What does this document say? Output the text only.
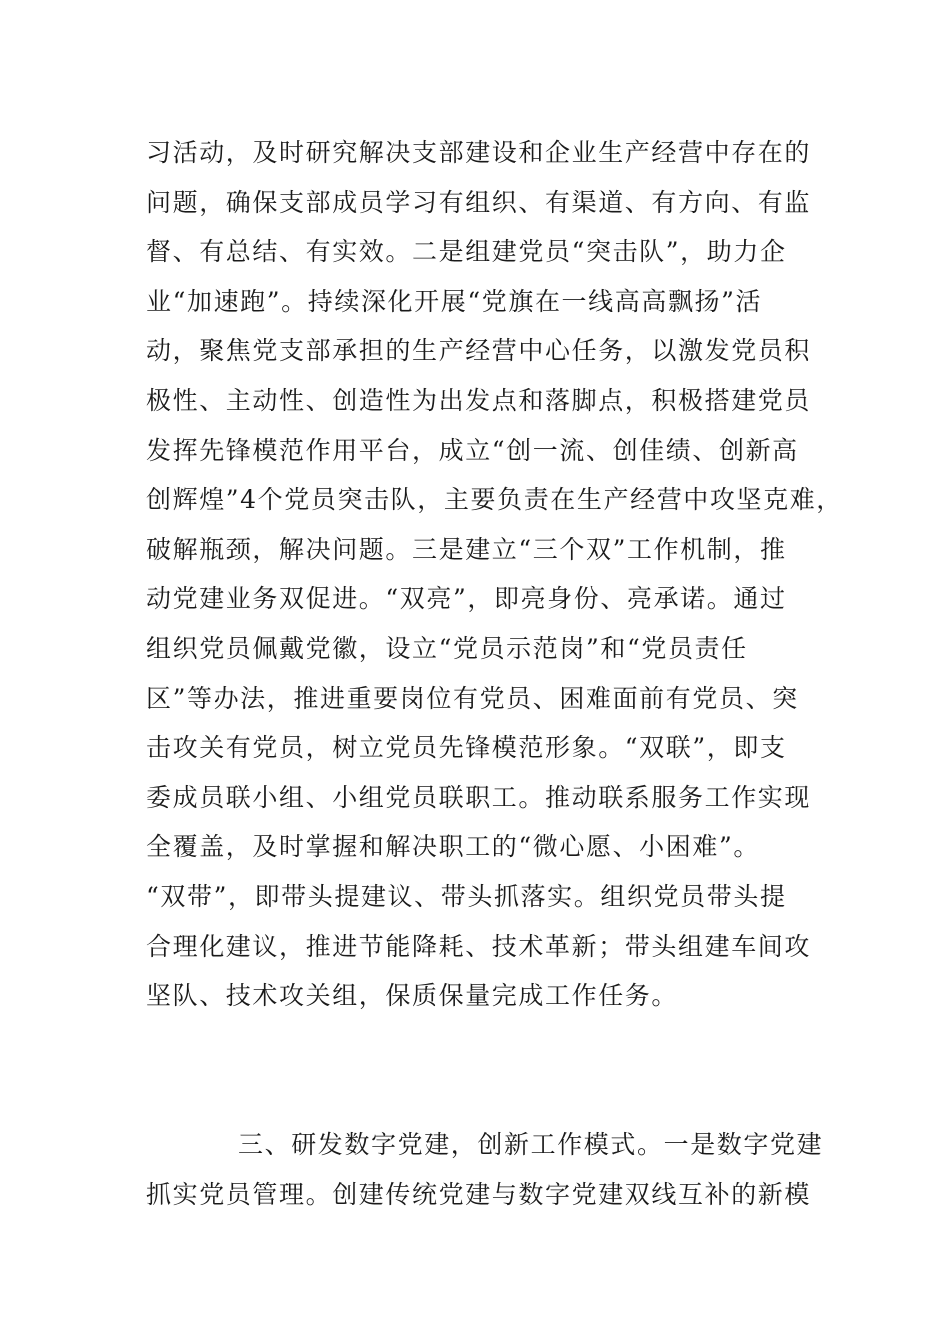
习活动，及时研究解决支部建设和企业生产经营中存在的
问题，确保支部成员学习有组织、有渠道、有方向、有监
督、有总结、有实效。二是组建党员“突击队”，助力企
业“加速跑”。持续深化开展“党旗在一线高高飘扬”活
动，聚焦党支部承担的生产经营中心任务，以激发党员积
极性、主动性、创造性为出发点和落脚点，积极搭建党员
发挥先锋模范作用平台，成立“创一流、创佳绩、创新高
创辉煌”4个党员突击队，主要负责在生产经营中攻坚克难，
破解瓶颈，解决问题。三是建立“三个双”工作机制，推
动党建业务双促进。“双亮”，即亮身份、亮承诺。通过
组织党员佩戴党徽，设立“党员示范岗”和“党员责任
区”等办法，推进重要岗位有党员、困难面前有党员、突
击攻关有党员，树立党员先锋模范形象。“双联”，即支
委成员联小组、小组党员联职工。推动联系服务工作实现
全覆盖，及时掌握和解决职工的“微心愿、小困难”。
“双带”，即带头提建议、带头抓落实。组织党员带头提
合理化建议，推进节能降耗、技术革新；带头组建车间攻
坚队、技术攻关组，保质保量完成工作任务。
三、研发数字党建，创新工作模式。一是数字党建
抓实党员管理。创建传统党建与数字党建双线互补的新模
